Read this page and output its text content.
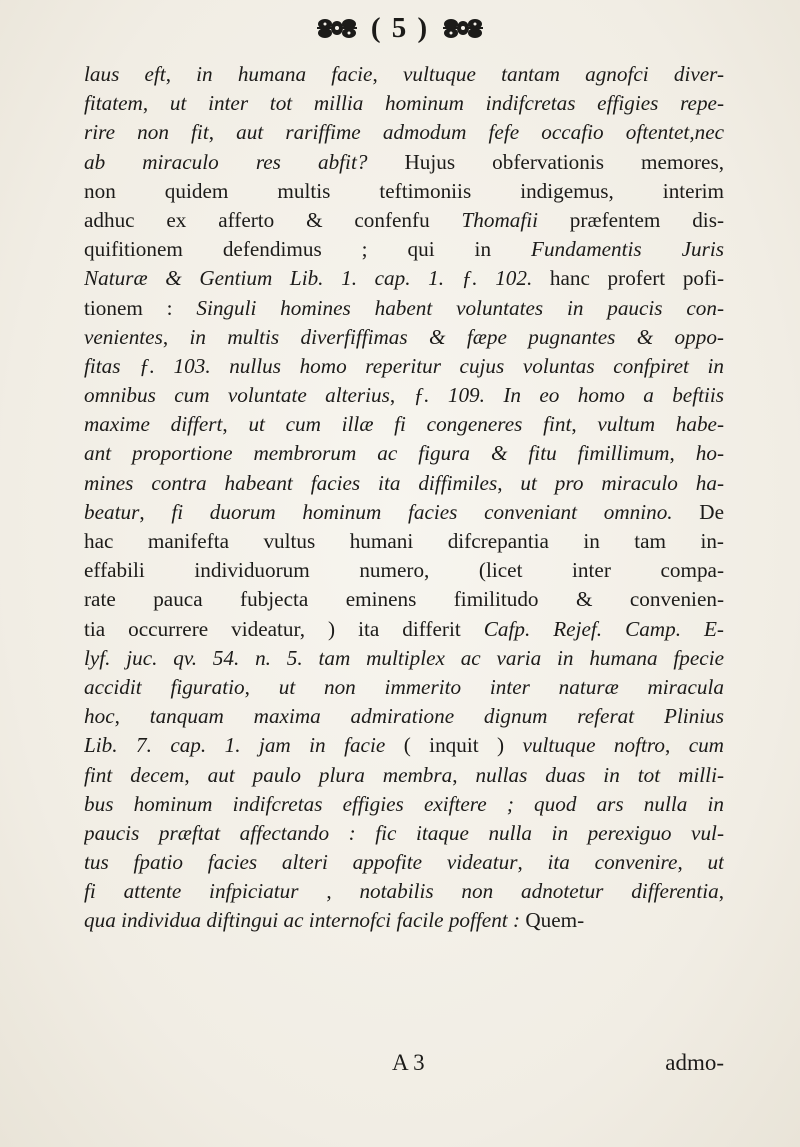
( 5 )
laus eft, in humana facie, vultuque tantam agnofci diver-
fitatem, ut inter tot millia hominum indifcretas effigies repe-
rire non fit, aut rariffime admodum fefe occafio oftentet,nec
ab miraculo res abfit? Hujus obfervationis memores,
non quidem multis teftimoniis indigemus, interim
adhuc ex afferto & confenfu Thomafii præfentem dis-
quifitionem defendimus ; qui in Fundamentis Juris
Naturæ & Gentium Lib. 1. cap. 1. ƒ. 102. hanc profert pofi-
tionem : Singuli homines habent voluntates in paucis con-
venientes, in multis diverfiffimas & fæpe pugnantes & oppo-
fitas ƒ. 103. nullus homo reperitur cujus voluntas confpiret in
omnibus cum voluntate alterius, ƒ. 109. In eo homo a beftiis
maxime differt, ut cum illæ fi congeneres fint, vultum habe-
ant proportione membrorum ac figura & fitu fimillimum, ho-
mines contra habeant facies ita diffimiles, ut pro miraculo ha-
beatur, fi duorum hominum facies conveniant omnino. De
hac manifefta vultus humani difcrepantia in tam in-
effabili individuorum numero, (licet inter compa-
rate pauca fubjecta eminens fimilitudo & convenien-
tia occurrere videatur, ) ita differit Cafp. Rejef. Camp. E-
lyf. juc. qv. 54. n. 5. tam multiplex ac varia in humana fpecie
accidit figuratio, ut non immerito inter naturæ miracula
hoc, tanquam maxima admiratione dignum referat Plinius
Lib. 7. cap. 1. jam in facie ( inquit ) vultuque noftro, cum
fint decem, aut paulo plura membra, nullas duas in tot milli-
bus hominum indifcretas effigies exiftere ; quod ars nulla in
paucis præftat affectando : fic itaque nulla in perexiguo vul-
tus fpatio facies alteri appofite videatur, ita convenire, ut
fi attente infpiciatur , notabilis non adnotetur differentia,
qua individua diftingui ac internofci facile poffent : Quem-
A 3	admo-
